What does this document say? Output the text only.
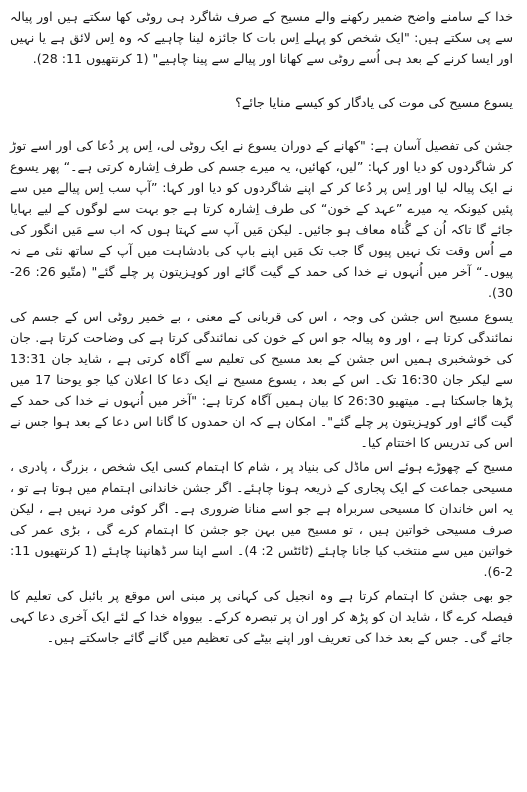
خدا کے سامنے واضح ضمیر رکھنے والے مسیح کے صرف شاگرد ہی روٹی کھا سکتے ہیں اور پیالہ سے پی سکتے ہیں: "ایک شخص کو پہلے اِس بات کا جائزہ لینا چاہیے کہ وہ اِس لائق ہے یا نہیں اور ایسا کرنے کے بعد ہی اُسے روٹی سے کھانا اور پیالے سے پینا چاہیے" (1 کرنتھیوں 11: 28).

یسوع مسیح کی موت کی یادگار کو کیسے منایا جائے؟

جشن کی تفصیل آسان ہے: "کھانے کے دوران یسوع نے ایک روٹی لی، اِس پر دُعا کی اور اسے توڑ کر شاگردوں کو دیا اور کہا: ”لیں، کھائیں، یہ میرے جسم کی طرف اِشارہ کرتی ہے۔“ پھر یسوع نے ایک پیالہ لیا اور اِس پر دُعا کر کے اپنے شاگردوں کو دیا اور کہا: ”آپ سب اِس پیالے میں سے پئیں کیونکہ یہ میرے ”عہد کے خون“ کی طرف اِشارہ کرتا ہے جو بہت سے لوگوں کے لیے بہایا جائے گا تاکہ اُن کے گُناہ معاف ہو جائیں۔ لیکن مَیں آپ سے کہتا ہوں کہ اب سے مَیں انگور کی مے اُس وقت تک نہیں پیوں گا جب تک مَیں اپنے باپ کی بادشاہت میں آپ کے ساتھ نئی مے نہ پیوں۔“ آخر میں اُنہوں نے خدا کی حمد کے گیت گائے اور کوہِزیتون پر چلے گئے" (متّیو 26: 26-30).

یسوع مسیح اس جشن کی وجہ ، اس کی قربانی کے معنی ، بے خمیر روٹی اس کے جسم کی نمائندگی کرتا ہے ، اور وہ پیالہ جو اس کے خون کی نمائندگی کرتا ہے کی وضاحت کرتا ہے. جان کی خوشخبری ہمیں اس جشن کے بعد مسیح کی تعلیم سے آگاہ کرتی ہے ، شاید جان 13:31 سے لیکر جان 16:30 تک۔ اس کے بعد ، یسوع مسیح نے ایک دعا کا اعلان کیا جو یوحنا 17 میں پڑھا جاسکتا ہے۔ میتھیو 26:30 کا بیان ہمیں آگاہ کرتا ہے: "آخر میں اُنہوں نے خدا کی حمد کے گیت گائے اور کوہِزیتون پر چلے گئے"۔ امکان ہے کہ ان حمدوں کا گانا اس دعا کے بعد ہوا جس نے اس کی تدریس کا اختتام کیا۔

مسیح کے چھوڑے ہوئے اس ماڈل کی بنیاد پر ، شام کا اہتمام کسی ایک شخص ، بزرگ ، پادری ، مسیحی جماعت کے ایک پجاری کے ذریعہ ہونا چاہئے۔ اگر جشن خاندانی اہتمام میں ہوتا ہے تو ، یہ اس خاندان کا مسیحی سربراہ ہے جو اسے منانا ضروری ہے۔ اگر کوئی مرد نہیں ہے ، لیکن صرف مسیحی خواتین ہیں ، تو مسیح میں بہن جو جشن کا اہتمام کرے گی ، بڑی عمر کی خواتین میں سے منتخب کیا جانا چاہئے (ٹائٹس 2: 4)۔ اسے اپنا سر ڈھانپنا چاہئے (1 کرنتھیوں 11: 2-6).

جو بھی جشن کا اہتمام کرتا ہے وہ انجیل کی کہانی پر مبنی اس موقع پر بائبل کی تعلیم کا فیصلہ کرے گا ، شاید ان کو پڑھ کر اور ان پر تبصرہ کرکے۔ بیوواہ خدا کے لئے ایک آخری دعا کہی جائے گی۔ جس کے بعد خدا کی تعریف اور اپنے بیٹے کی تعظیم میں گانے گائے جاسکتے ہیں۔
